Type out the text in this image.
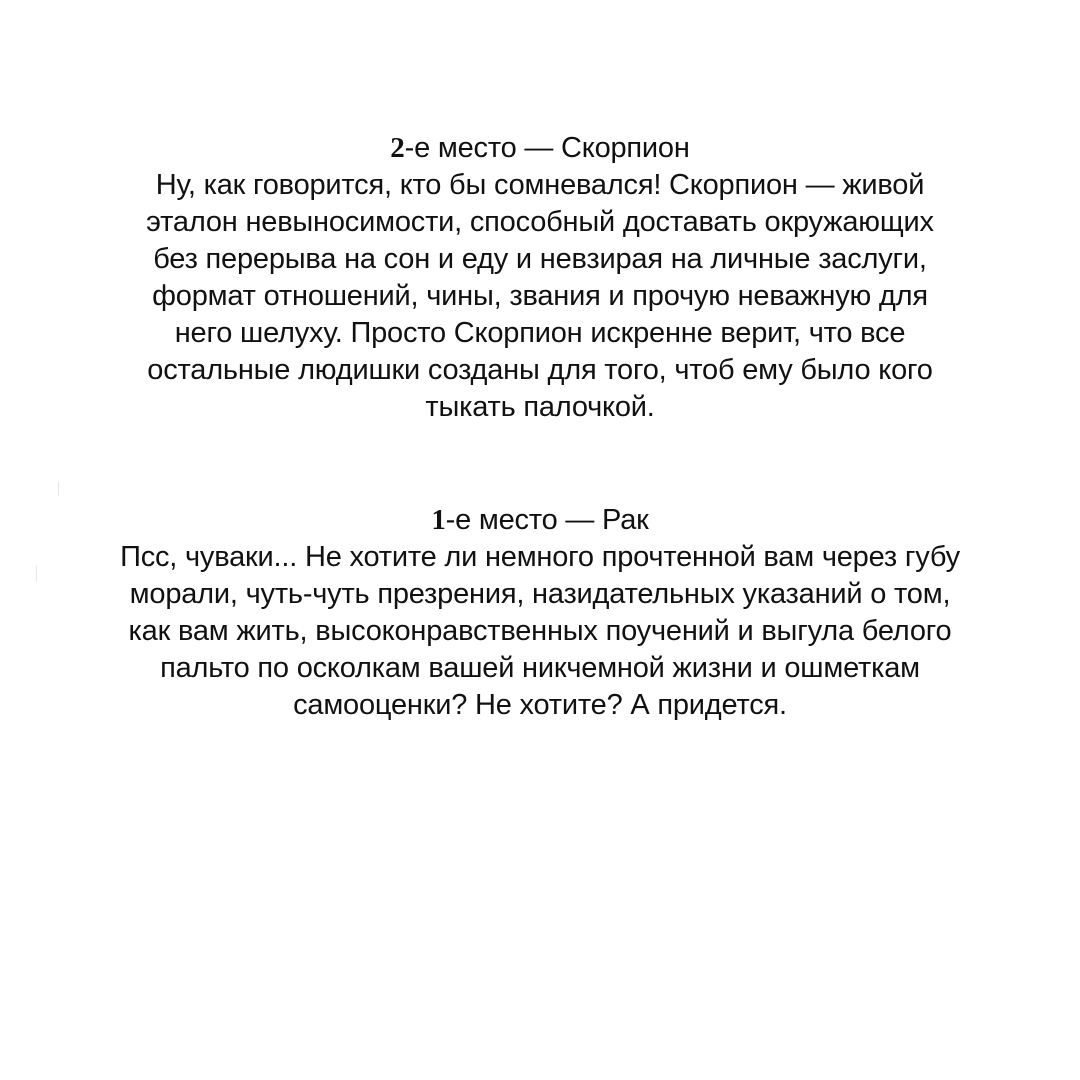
2-е место — Скорпион
Ну, как говорится, кто бы сомневался! Скорпион — живой
эталон невыносимости, способный доставать окружающих
без перерыва на сон и еду и невзирая на личные заслуги,
формат отношений, чины, звания и прочую неважную для
него шелуху. Просто Скорпион искренне верит, что все
остальные людишки созданы для того, чтоб ему было кого
тыкать палочкой.
1-е место — Рак
Псс, чуваки... Не хотите ли немного прочтенной вам через губу
морали, чуть-чуть презрения, назидательных указаний о том,
как вам жить, высоконравственных поучений и выгула белого
пальто по осколкам вашей никчемной жизни и ошметкам
самооценки? Не хотите? А придется.
